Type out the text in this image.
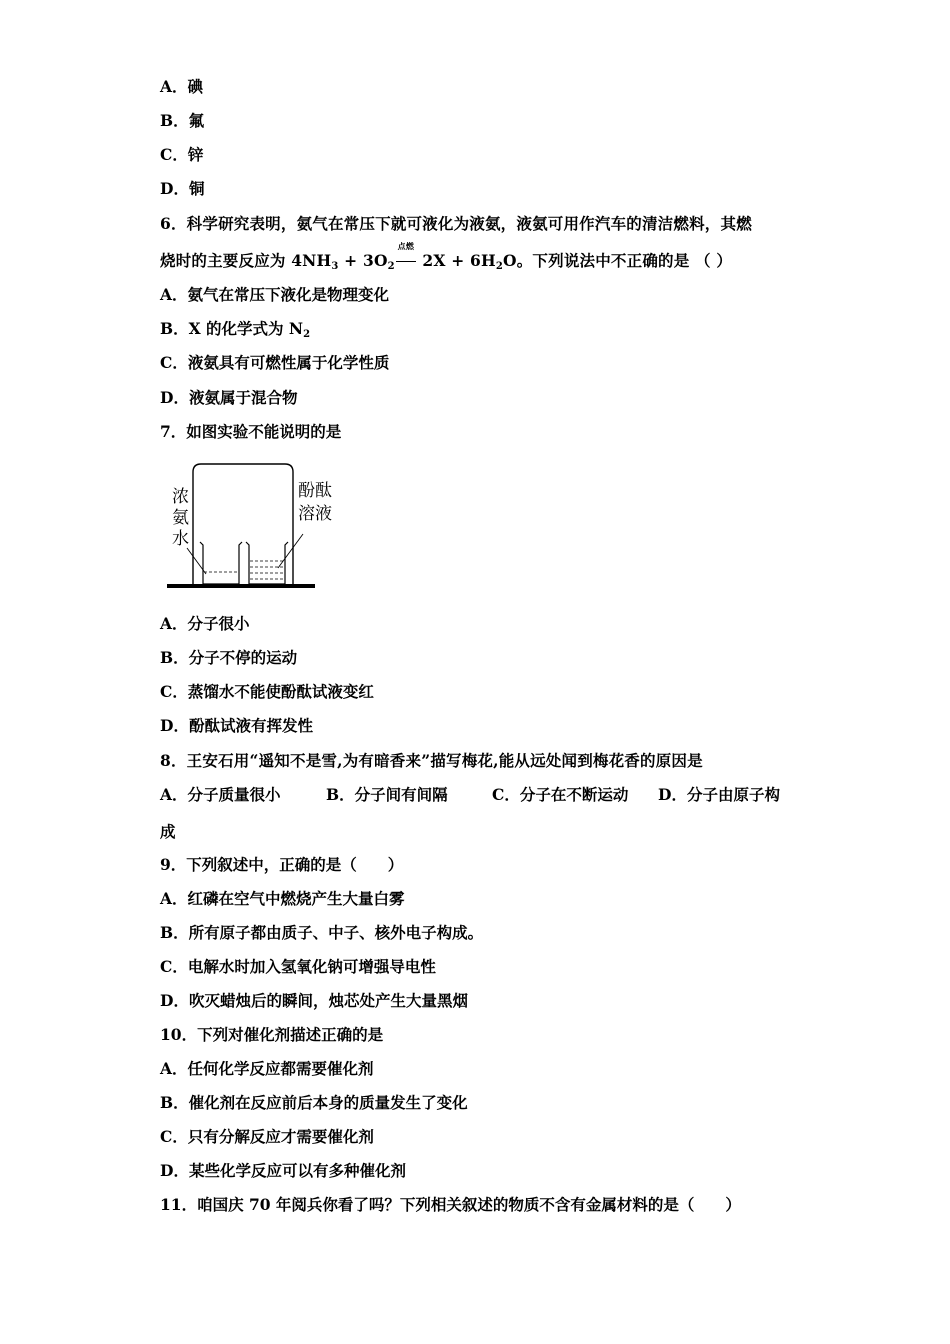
A．碘
B．氟
C．锌
D．铜
6．科学研究表明，氨气在常压下就可液化为液氨，液氨可用作汽车的清洁燃料，其燃
烧时的主要反应为 $4NH_3 + 3O_2$
点燃
$2X + 6H_2O$。下列说法中不正确的是 （ ）
A．氨气在常压下液化是物理变化
B．X 的化学式为 $N_2$
C．液氨具有可燃性属于化学性质
D．液氨属于混合物
7．如图实验不能说明的是
浓
氨
水
酚酞
溶液
A．分子很小
B．分子不停的运动
C．蒸馏水不能使酚酞试液变红
D．酚酞试液有挥发性
8．王安石用“遥知不是雪,为有暗香来”描写梅花,能从远处闻到梅花香的原因是
A．分子质量很小	B．分子间有间隔	C．分子在不断运动 D．分子由原子构
成
9．下列叙述中，正确的是（　　）
A．红磷在空气中燃烧产生大量白雾
B．所有原子都由质子、中子、核外电子构成。
C．电解水时加入氢氧化钠可增强导电性
D．吹灭蜡烛后的瞬间，烛芯处产生大量黑烟
10．下列对催化剂描述正确的是
A．任何化学反应都需要催化剂
B．催化剂在反应前后本身的质量发生了变化
C．只有分解反应才需要催化剂
D．某些化学反应可以有多种催化剂
11．咱国庆 70 年阅兵你看了吗？下列相关叙述的物质不含有金属材料的是（　　）
